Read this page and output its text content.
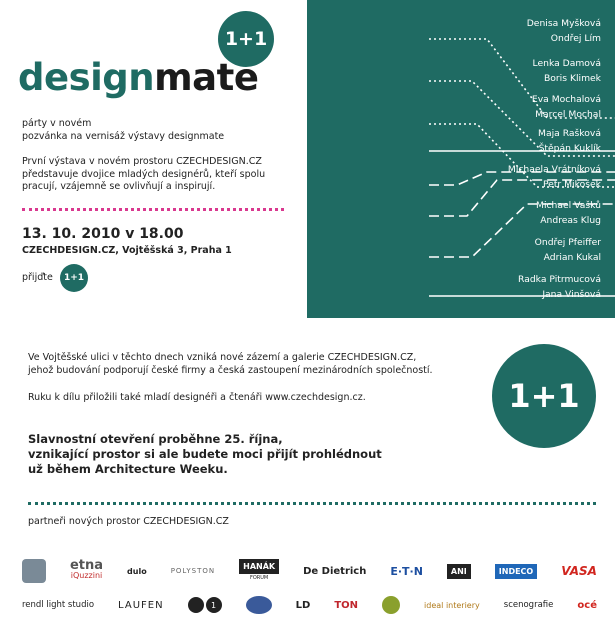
1+1
designmate
párty v novém
pozvánka na vernisáž výstavy designmate
První výstava v novém prostoru CZECHDESIGN.CZ
představuje dvojice mladých designérů, kteří spolu
pracují, vzájemně se ovlivňují a inspirují.
13. 10. 2010 v 18.00
CZECHDESIGN.CZ, Vojtěšská 3, Praha 1
přijďte	1+1
Denisa Myšková
Ondřej Lím
Lenka Damová
Boris Klimek
Eva Mochalová
Marcel Mochal
Maja Rašková
Štěpán Kuklík
Michaela Vrátníková
Petr Mikošek
Michael Vašků
Andreas Klug
Ondřej Pfeiffer
Adrian Kukal
Radka Pitrmucová
Jana Vinšová
Ve Vojtěšské ulici v těchto dnech vzniká nové zázemí a galerie CZECHDESIGN.CZ,
jehož budování podporují české firmy a česká zastoupení mezinárodních společností.
Ruku k dílu přiložili také mladí designéři a čtenáři www.czechdesign.cz.
Slavnostní otevření proběhne 25. října,
vznikající prostor si ale budete moci přijít prohlédnout
už během Architecture Weeku.
1+1
partneři nových prostor CZECHDESIGN.CZ
etna
iQuzzini	dulo	POLYSTON	HANÁK
FORUM
De Dietrich E·T·N	ANI	INDECO	VASA
rendl light studio LAUFEN	1	LD TON	ideal interiery	scenografie océ
